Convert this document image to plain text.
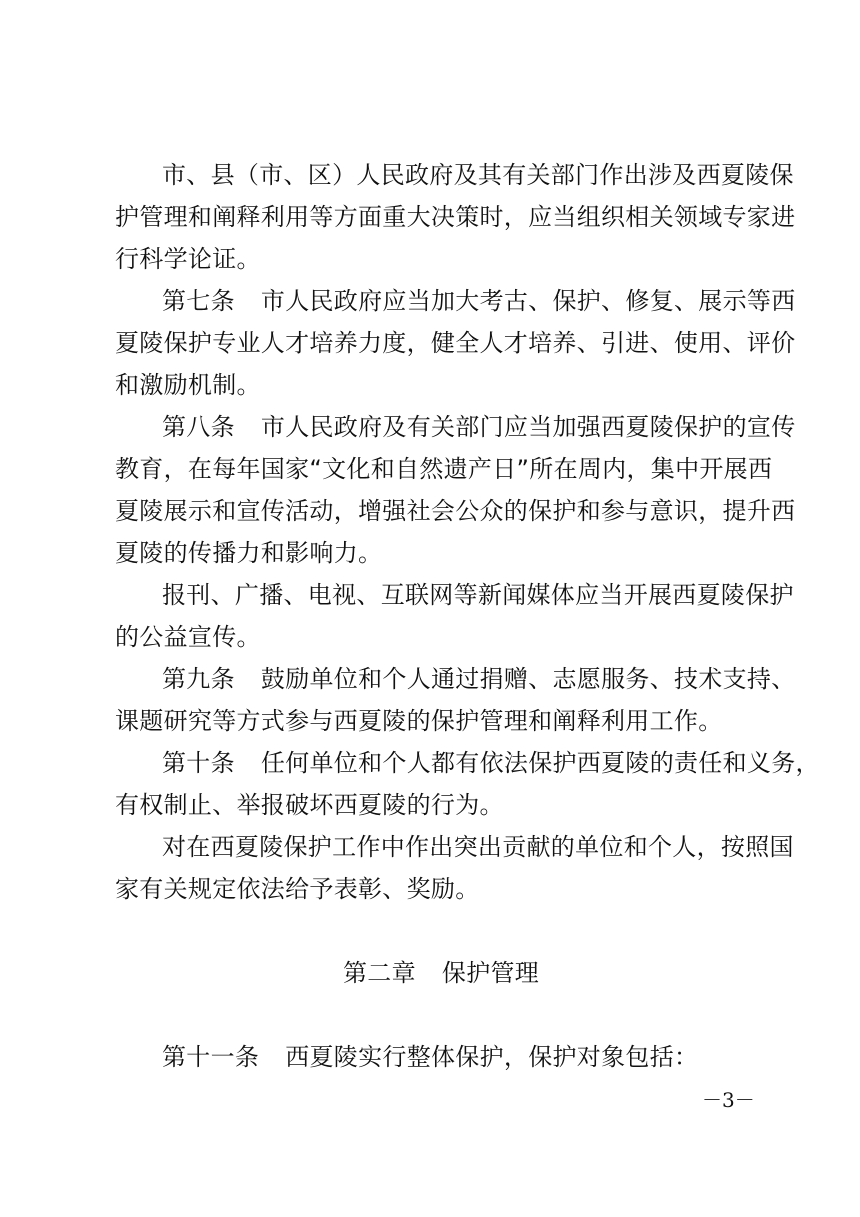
市、县（市、区）人民政府及其有关部门作出涉及西夏陵保
护管理和阐释利用等方面重大决策时，应当组织相关领域专家进
行科学论证。
第七条 市人民政府应当加大考古、保护、修复、展示等西
夏陵保护专业人才培养力度，健全人才培养、引进、使用、评价
和激励机制。
第八条 市人民政府及有关部门应当加强西夏陵保护的宣传
教育，在每年国家“文化和自然遗产日”所在周内，集中开展西
夏陵展示和宣传活动，增强社会公众的保护和参与意识，提升西
夏陵的传播力和影响力。
报刊、广播、电视、互联网等新闻媒体应当开展西夏陵保护
的公益宣传。
第九条 鼓励单位和个人通过捐赠、志愿服务、技术支持、
课题研究等方式参与西夏陵的保护管理和阐释利用工作。
第十条 任何单位和个人都有依法保护西夏陵的责任和义务，
有权制止、举报破坏西夏陵的行为。
对在西夏陵保护工作中作出突出贡献的单位和个人，按照国
家有关规定依法给予表彰、奖励。
第二章 保护管理
第十一条 西夏陵实行整体保护，保护对象包括：
－3－
